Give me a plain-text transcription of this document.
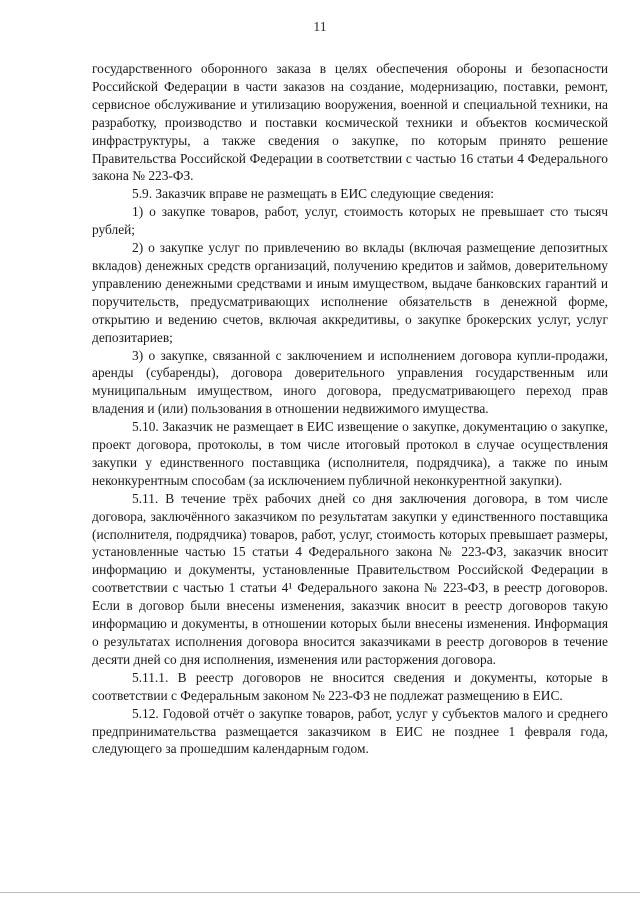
11

государственного оборонного заказа в целях обеспечения обороны и безопасности Российской Федерации в части заказов на создание, модернизацию, поставки, ремонт, сервисное обслуживание и утилизацию вооружения, военной и специальной техники, на разработку, производство и поставки космической техники и объектов космической инфраструктуры, а также сведения о закупке, по которым принято решение Правительства Российской Федерации в соответствии с частью 16 статьи 4 Федерального закона № 223-ФЗ.

5.9. Заказчик вправе не размещать в ЕИС следующие сведения:

1) о закупке товаров, работ, услуг, стоимость которых не превышает сто тысяч рублей;

2) о закупке услуг по привлечению во вклады (включая размещение депозитных вкладов) денежных средств организаций, получению кредитов и займов, доверительному управлению денежными средствами и иным имуществом, выдаче банковских гарантий и поручительств, предусматривающих исполнение обязательств в денежной форме, открытию и ведению счетов, включая аккредитивы, о закупке брокерских услуг, услуг депозитариев;

3) о закупке, связанной с заключением и исполнением договора купли-продажи, аренды (субаренды), договора доверительного управления государственным или муниципальным имуществом, иного договора, предусматривающего переход прав владения и (или) пользования в отношении недвижимого имущества.

5.10. Заказчик не размещает в ЕИС извещение о закупке, документацию о закупке, проект договора, протоколы, в том числе итоговый протокол в случае осуществления закупки у единственного поставщика (исполнителя, подрядчика), а также по иным неконкурентным способам (за исключением публичной неконкурентной закупки).

5.11. В течение трёх рабочих дней со дня заключения договора, в том числе договора, заключённого заказчиком по результатам закупки у единственного поставщика (исполнителя, подрядчика) товаров, работ, услуг, стоимость которых превышает размеры, установленные частью 15 статьи 4 Федерального закона № 223-ФЗ, заказчик вносит информацию и документы, установленные Правительством Российской Федерации в соответствии с частью 1 статьи 4¹ Федерального закона № 223-ФЗ, в реестр договоров. Если в договор были внесены изменения, заказчик вносит в реестр договоров такую информацию и документы, в отношении которых были внесены изменения. Информация о результатах исполнения договора вносится заказчиками в реестр договоров в течение десяти дней со дня исполнения, изменения или расторжения договора.

5.11.1. В реестр договоров не вносится сведения и документы, которые в соответствии с Федеральным законом № 223-ФЗ не подлежат размещению в ЕИС.

5.12. Годовой отчёт о закупке товаров, работ, услуг у субъектов малого и среднего предпринимательства размещается заказчиком в ЕИС не позднее 1 февраля года, следующего за прошедшим календарным годом.
